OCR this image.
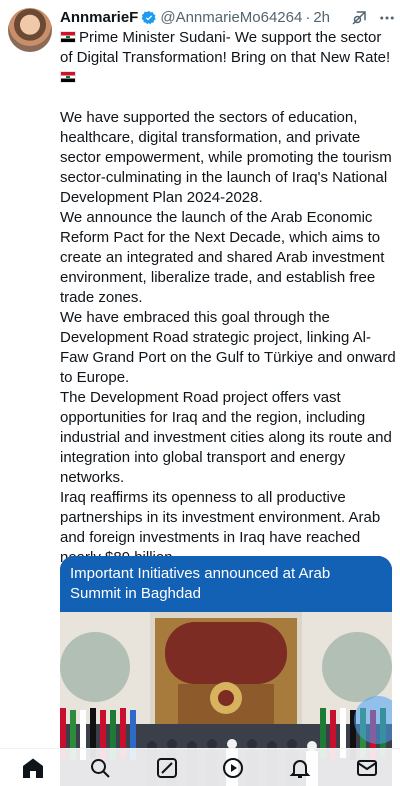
AnnmarieF @AnnmarieMo64264 · 2h

Prime Minister Sudani- We support the sector of Digital Transformation! Bring on that New Rate!

We have supported the sectors of education, healthcare, digital transformation, and private sector empowerment, while promoting the tourism sector-culminating in the launch of Iraq's National Development Plan 2024-2028.

We announce the launch of the Arab Economic Reform Pact for the Next Decade, which aims to create an integrated and shared Arab investment environment, liberalize trade, and establish free trade zones.

We have embraced this goal through the Development Road strategic project, linking Al-Faw Grand Port on the Gulf to Türkiye and onward to Europe.

The Development Road project offers vast opportunities for Iraq and the region, including industrial and investment cities along its route and integration into global transport and energy networks.

Iraq reaffirms its openness to all productive partnerships in its investment environment. Arab and foreign investments in Iraq have reached

Important Initiatives announced at Arab Summit in Baghdad
